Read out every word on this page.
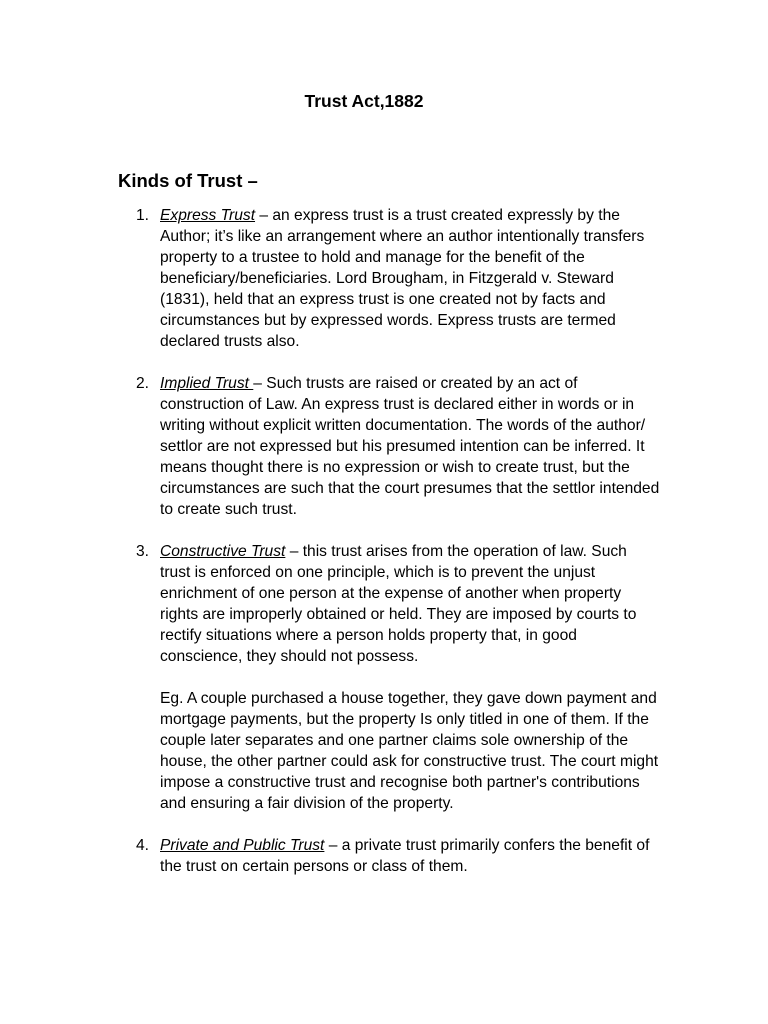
Trust Act,1882
Kinds of Trust –
1. Express Trust – an express trust is a trust created expressly by the Author; it’s like an arrangement where an author intentionally transfers property to a trustee to hold and manage for the benefit of the beneficiary/beneficiaries. Lord Brougham, in Fitzgerald v. Steward (1831), held that an express trust is one created not by facts and circumstances but by expressed words. Express trusts are termed declared trusts also.
2. Implied Trust – Such trusts are raised or created by an act of construction of Law. An express trust is declared either in words or in writing without explicit written documentation. The words of the author/ settlor are not expressed but his presumed intention can be inferred. It means thought there is no expression or wish to create trust, but the circumstances are such that the court presumes that the settlor intended to create such trust.
3. Constructive Trust – this trust arises from the operation of law. Such trust is enforced on one principle, which is to prevent the unjust enrichment of one person at the expense of another when property rights are improperly obtained or held. They are imposed by courts to rectify situations where a person holds property that, in good conscience, they should not possess.

Eg. A couple purchased a house together, they gave down payment and mortgage payments, but the property Is only titled in one of them. If the couple later separates and one partner claims sole ownership of the house, the other partner could ask for constructive trust. The court might impose a constructive trust and recognise both partner's contributions and ensuring a fair division of the property.

4. Private and Public Trust – a private trust primarily confers the benefit of the trust on certain persons or class of them.
